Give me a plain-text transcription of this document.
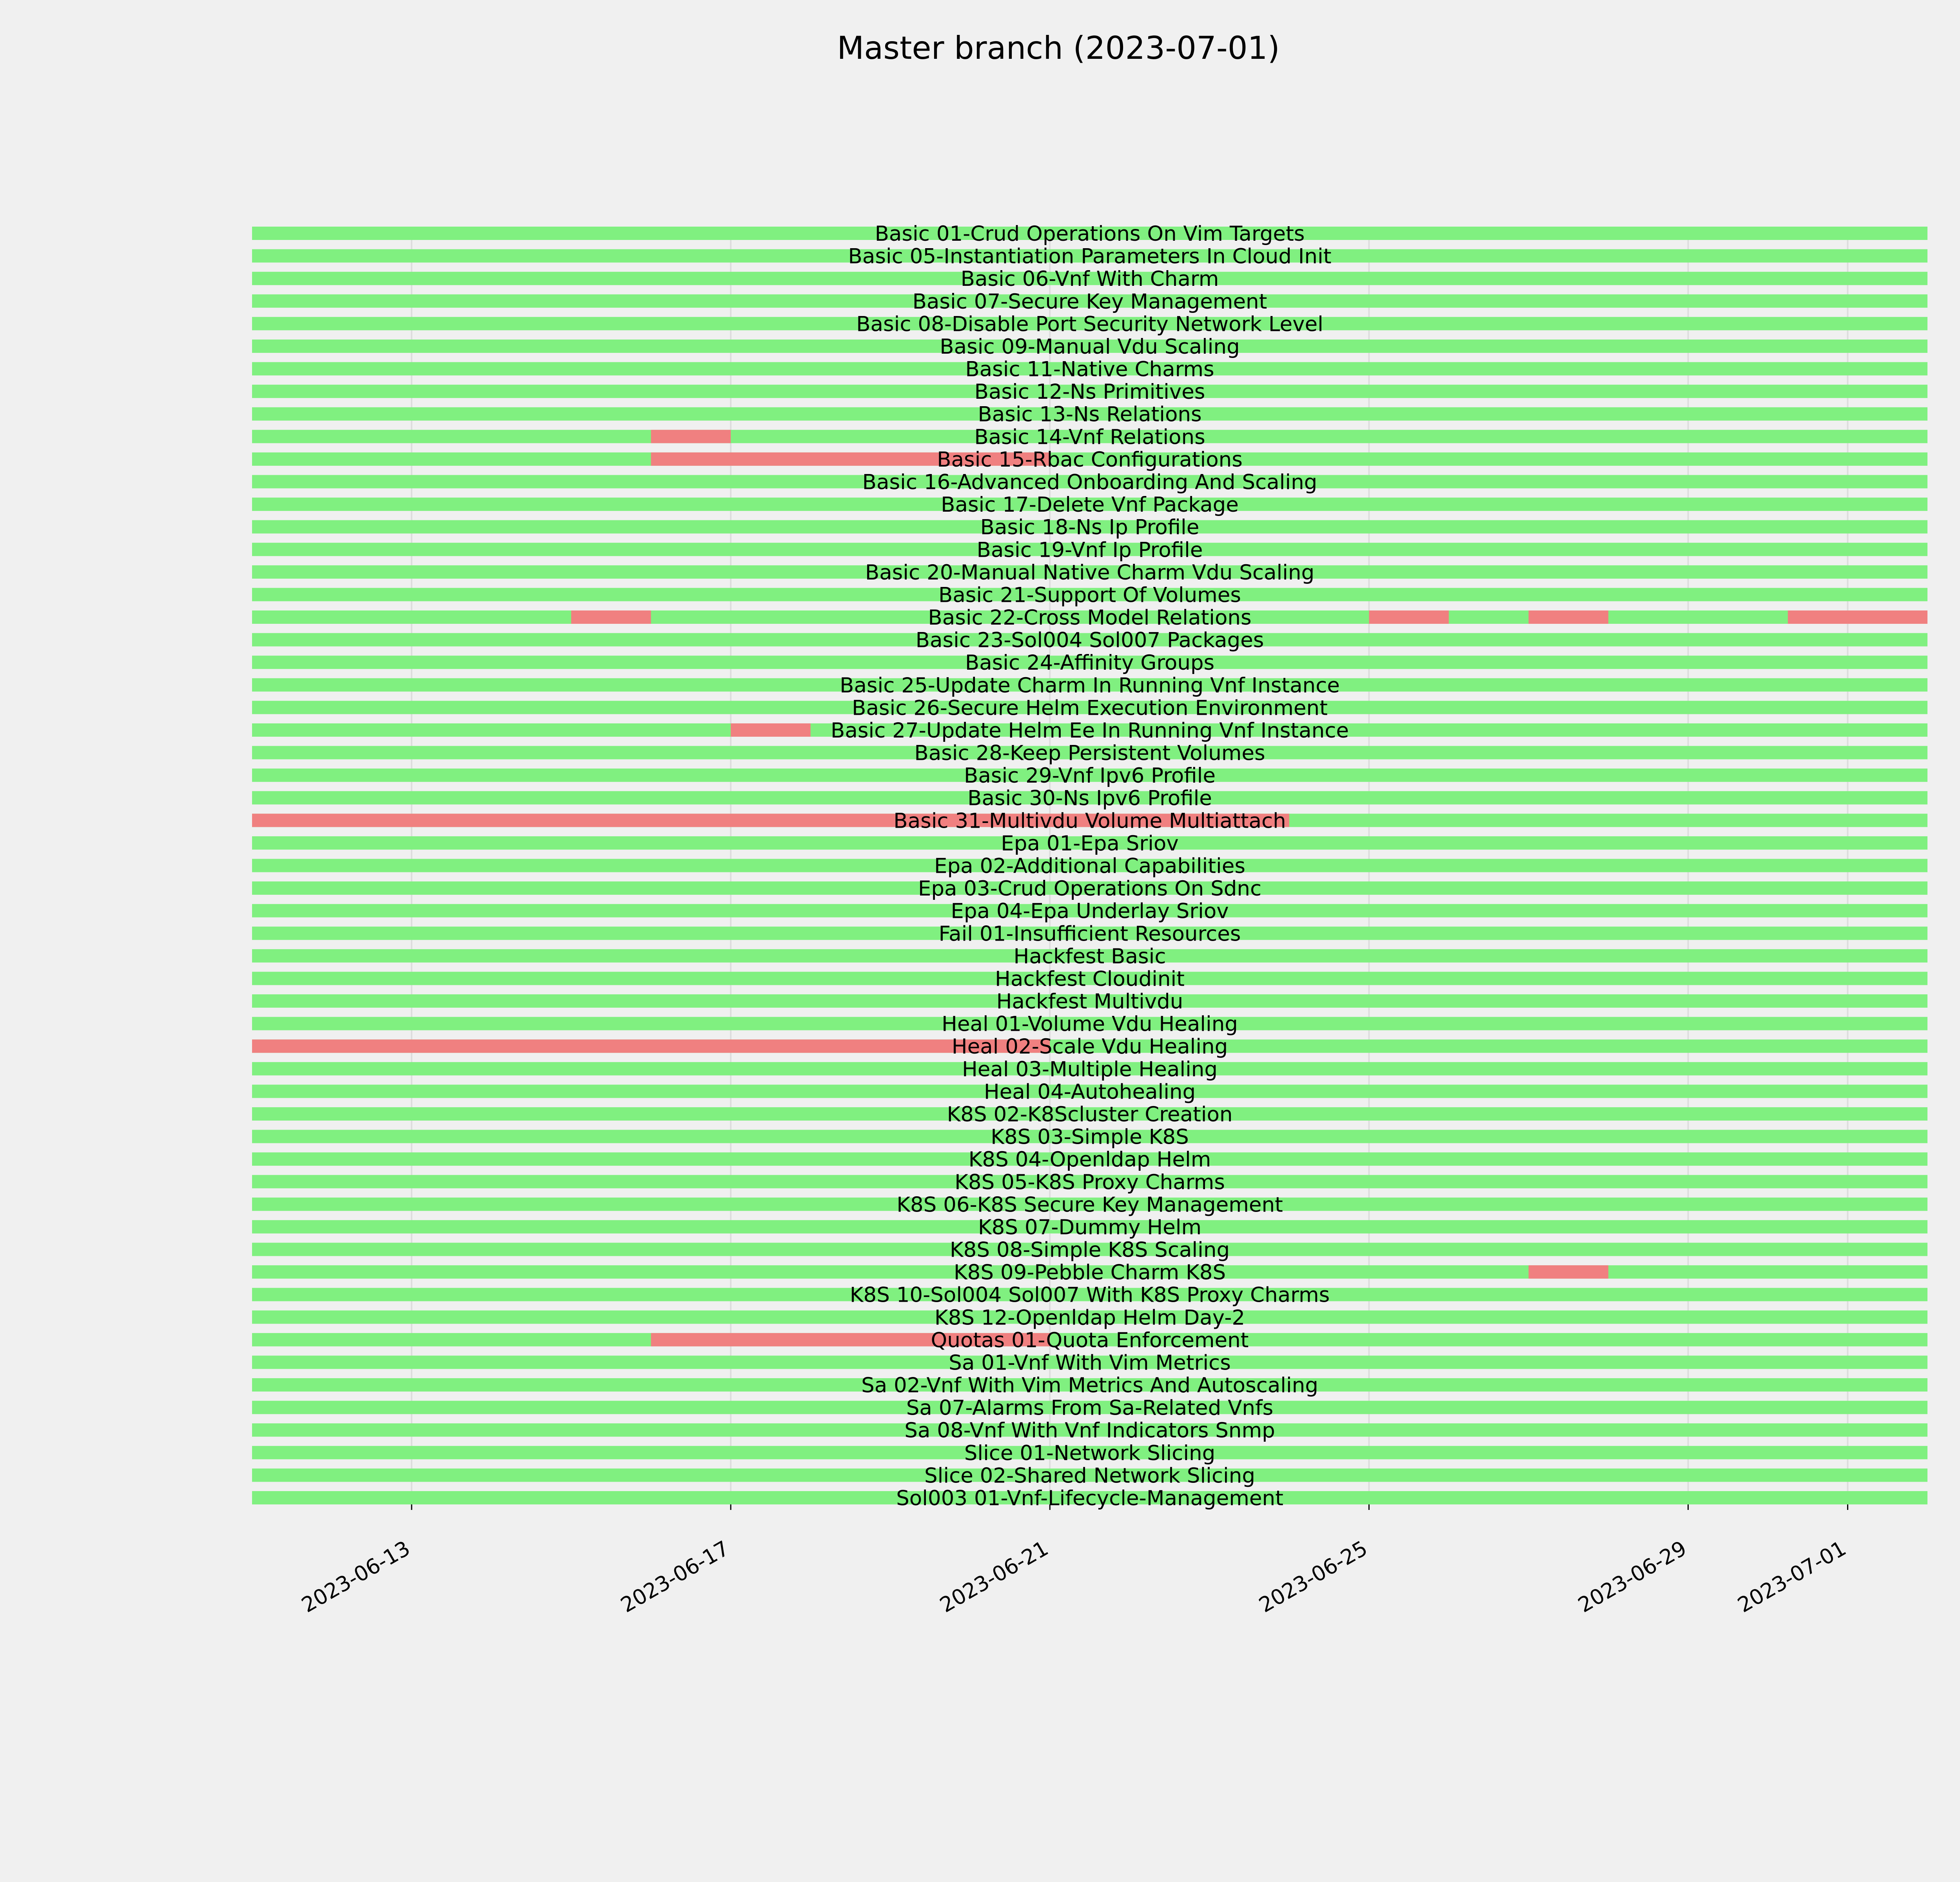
Master branch (2023-07-01)
Basic 01-Crud Operations On Vim Targets
Basic 05-Instantiation Parameters In Cloud Init
Basic 06-Vnf With Charm
Basic 07-Secure Key Management
Basic 08-Disable Port Security Network Level
Basic 09-Manual Vdu Scaling
Basic 11-Native Charms
Basic 12-Ns Primitives
Basic 13-Ns Relations
Basic 14-Vnf Relations
Basic 15-Rbac Configurations
Basic 16-Advanced Onboarding And Scaling
Basic 17-Delete Vnf Package
Basic 18-Ns Ip Profile
Basic 19-Vnf Ip Profile
Basic 20-Manual Native Charm Vdu Scaling
Basic 21-Support Of Volumes
Basic 22-Cross Model Relations
Basic 23-Sol004 Sol007 Packages
Basic 24-Affinity Groups
Basic 25-Update Charm In Running Vnf Instance
Basic 26-Secure Helm Execution Environment
Basic 27-Update Helm Ee In Running Vnf Instance
Basic 28-Keep Persistent Volumes
Basic 29-Vnf Ipv6 Profile
Basic 30-Ns Ipv6 Profile
Basic 31-Multivdu Volume Multiattach
Epa 01-Epa Sriov
Epa 02-Additional Capabilities
Epa 03-Crud Operations On Sdnc
Epa 04-Epa Underlay Sriov
Fail 01-Insufficient Resources
Hackfest Basic
Hackfest Cloudinit
Hackfest Multivdu
Heal 01-Volume Vdu Healing
Heal 02-Scale Vdu Healing
Heal 03-Multiple Healing
Heal 04-Autohealing
K8S 02-K8Scluster Creation
K8S 03-Simple K8S
K8S 04-Openldap Helm
K8S 05-K8S Proxy Charms
K8S 06-K8S Secure Key Management
K8S 07-Dummy Helm
K8S 08-Simple K8S Scaling
K8S 09-Pebble Charm K8S
K8S 10-Sol004 Sol007 With K8S Proxy Charms
K8S 12-Openldap Helm Day-2
Quotas 01-Quota Enforcement
Sa 01-Vnf With Vim Metrics
Sa 02-Vnf With Vim Metrics And Autoscaling
Sa 07-Alarms From Sa-Related Vnfs
Sa 08-Vnf With Vnf Indicators Snmp
Slice 01-Network Slicing
Slice 02-Shared Network Slicing
Sol003 01-Vnf-Lifecycle-Management
2023-06-13	2023-06-17	2023-06-21	2023-06-25	2023-06-29 2023-07-01
